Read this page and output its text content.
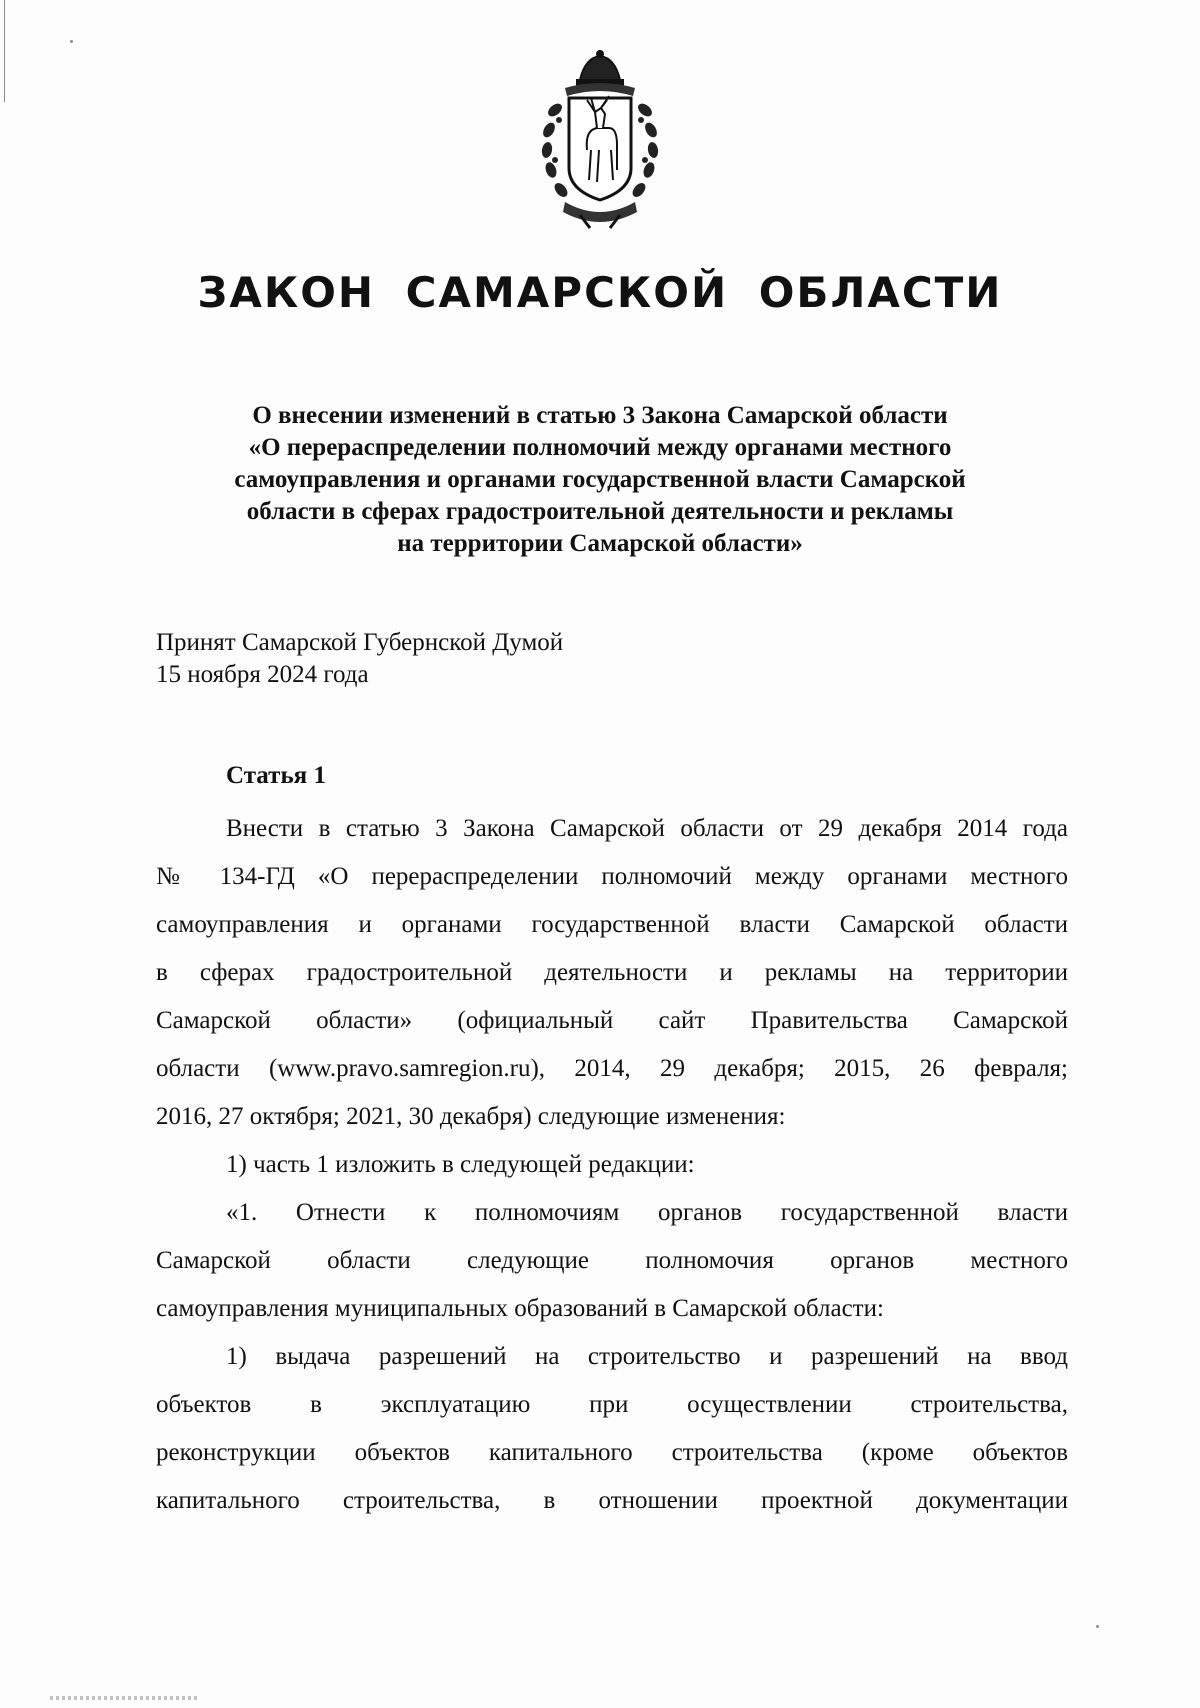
ЗАКОН САМАРСКОЙ ОБЛАСТИ
О внесении изменений в статью 3 Закона Самарской области
«О перераспределении полномочий между органами местного
самоуправления и органами государственной власти Самарской
области в сферах градостроительной деятельности и рекламы
на территории Самарской области»
Принят Самарской Губернской Думой
15 ноября 2024 года
Статья 1
Внести в статью 3 Закона Самарской области от 29 декабря 2014 года
№ 134-ГД «О перераспределении полномочий между органами местного
самоуправления и органами государственной власти Самарской области
в сферах градостроительной деятельности и рекламы на территории
Самарской области» (официальный сайт Правительства Самарской
области (www.pravo.samregion.ru), 2014, 29 декабря; 2015, 26 февраля;
2016, 27 октября; 2021, 30 декабря) следующие изменения:
1) часть 1 изложить в следующей редакции:
«1. Отнести к полномочиям органов государственной власти
Самарской области следующие полномочия органов местного
самоуправления муниципальных образований в Самарской области:
1) выдача разрешений на строительство и разрешений на ввод
объектов в эксплуатацию при осуществлении строительства,
реконструкции объектов капитального строительства (кроме объектов
капитального строительства, в отношении проектной документации
